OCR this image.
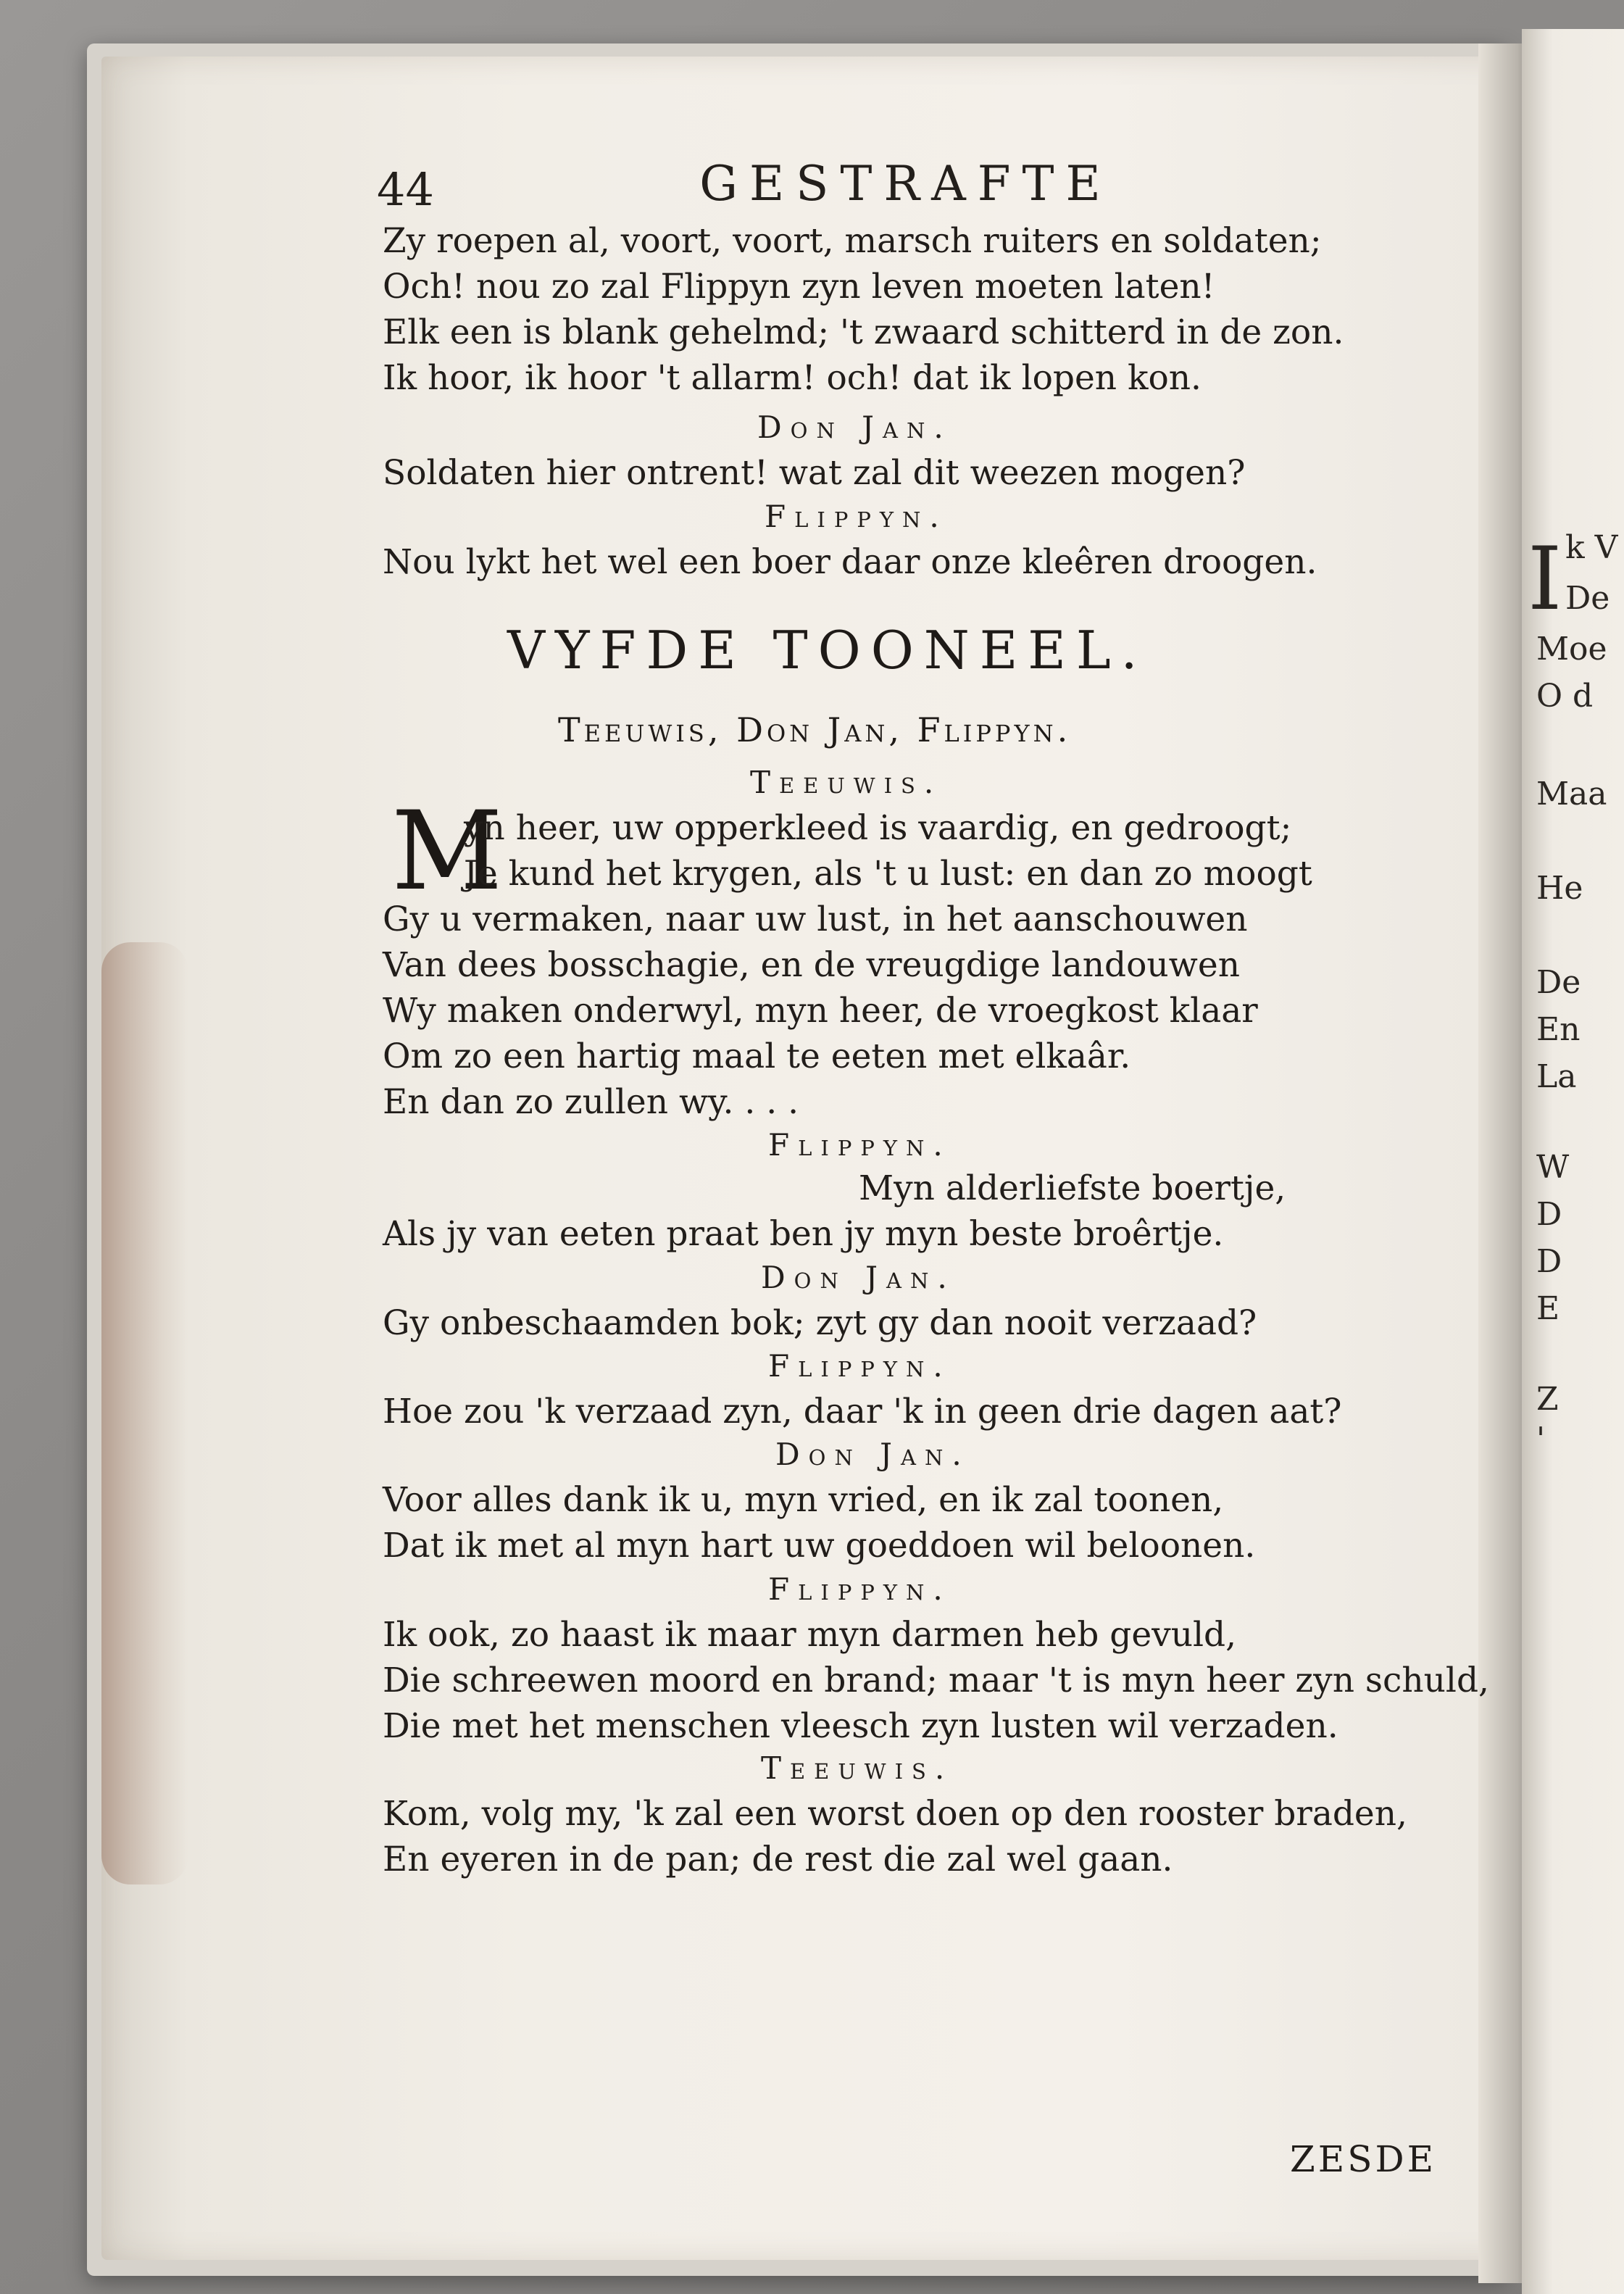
I k V
De
Moe
O d
Maa
He
De
En
La
W
D
D
E
Z
'
44	GESTRAFTE
Zy roepen al, voort, voort, marsch ruiters en soldaten;
Och! nou zo zal Flippyn zyn leven moeten laten!
Elk een is blank gehelmd; 't zwaard schitterd in de zon.
Ik hoor, ik hoor 't allarm! och! dat ik lopen kon.
Don Jan.
Soldaten hier ontrent! wat zal dit weezen mogen?
Flippyn.
Nou lykt het wel een boer daar onze kleêren droogen.
VYFDE TOONEEL.
Teeuwis, Don Jan, Flippyn.
Teeuwis.
M
yn heer, uw opperkleed is vaardig, en gedroogt;
Je kund het krygen, als 't u lust: en dan zo moogt
Gy u vermaken, naar uw lust, in het aanschouwen
Van dees bosschagie, en de vreugdige landouwen
Wy maken onderwyl, myn heer, de vroegkost klaar
Om zo een hartig maal te eeten met elkaâr.
En dan zo zullen wy. . . .
Flippyn.
Myn alderliefste boertje,
Als jy van eeten praat ben jy myn beste broêrtje.
Don Jan.
Gy onbeschaamden bok; zyt gy dan nooit verzaad?
Flippyn.
Hoe zou 'k verzaad zyn, daar 'k in geen drie dagen aat?
Don Jan.
Voor alles dank ik u, myn vried, en ik zal toonen,
Dat ik met al myn hart uw goeddoen wil beloonen.
Flippyn.
Ik ook, zo haast ik maar myn darmen heb gevuld,
Die schreewen moord en brand; maar 't is myn heer zyn schuld,
Die met het menschen vleesch zyn lusten wil verzaden.
Teeuwis.
Kom, volg my, 'k zal een worst doen op den rooster braden,
En eyeren in de pan; de rest die zal wel gaan.
ZESDE
